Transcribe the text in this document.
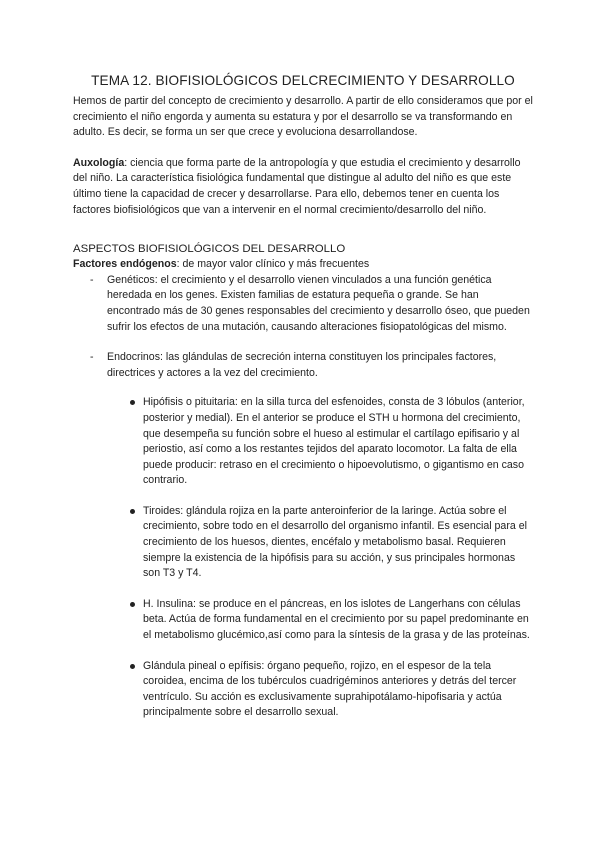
TEMA 12. BIOFISIOLÓGICOS DELCRECIMIENTO Y DESARROLLO

Hemos de partir del concepto de crecimiento y desarrollo. A partir de ello consideramos que por el crecimiento el niño engorda y aumenta su estatura y por el desarrollo se va transformando en adulto. Es decir, se forma un ser que crece y evoluciona desarrollandose.

Auxología: ciencia que forma parte de la antropología y que estudia el crecimiento y desarrollo del niño. La característica fisiológica fundamental que distingue al adulto del niño es que este último tiene la capacidad de crecer y desarrollarse. Para ello, debemos tener en cuenta los factores biofisiológicos que van a intervenir en el normal crecimiento/desarrollo del niño.

ASPECTOS BIOFISIOLÓGICOS DEL DESARROLLO

Factores endógenos: de mayor valor clínico y más frecuentes

- Genéticos: el crecimiento y el desarrollo vienen vinculados a una función genética heredada en los genes. Existen familias de estatura pequeña o grande. Se han encontrado más de 30 genes responsables del crecimiento y desarrollo óseo, que pueden sufrir los efectos de una mutación, causando alteraciones fisiopatológicas del mismo.
- Endocrinos: las glándulas de secreción interna constituyen los principales factores, directrices y actores a la vez del crecimiento.
Hipófisis o pituitaria: en la silla turca del esfenoides, consta de 3 lóbulos (anterior, posterior y medial). En el anterior se produce el STH u hormona del crecimiento, que desempeña su función sobre el hueso al estimular el cartílago epifisario y al periostio, así como a los restantes tejidos del aparato locomotor. La falta de ella puede producir: retraso en el crecimiento o hipoevolutismo, o gigantismo en caso contrario.
Tiroides: glándula rojiza en la parte anteroinferior de la laringe. Actúa sobre el crecimiento, sobre todo en el desarrollo del organismo infantil. Es esencial para el crecimiento de los huesos, dientes, encéfalo y metabolismo basal. Requieren siempre la existencia de la hipófisis para su acción, y sus principales hormonas son T3 y T4.
H. Insulina: se produce en el páncreas, en los islotes de Langerhans con células beta. Actúa de forma fundamental en el crecimiento por su papel predominante en el metabolismo glucémico,así como para la síntesis de la grasa y de las proteínas.
Glándula pineal o epífisis: órgano pequeño, rojizo, en el espesor de la tela coroidea, encima de los tubérculos cuadrigéminos anteriores y detrás del tercer ventrículo. Su acción es exclusivamente suprahipotálamo-hipofisaria y actúa principalmente sobre el desarrollo sexual.
